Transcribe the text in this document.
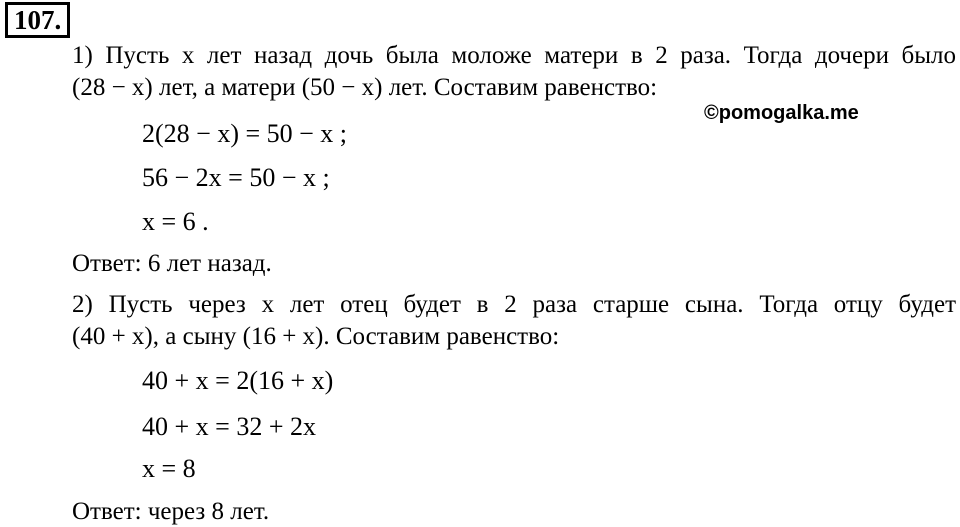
107.
1) Пусть x лет назад дочь была моложе матери в 2 раза. Тогда дочери было
(28 − x) лет, а матери (50 − x) лет. Составим равенство:
©pomogalka.me
2(28 − x) = 50 − x ;
56 − 2x = 50 − x ;
x = 6 .
Ответ: 6 лет назад.
2) Пусть через x лет отец будет в 2 раза старше сына. Тогда отцу будет
(40 + x), а сыну (16 + x). Составим равенство:
40 + x = 2(16 + x)
40 + x = 32 + 2x
x = 8
Ответ: через 8 лет.
